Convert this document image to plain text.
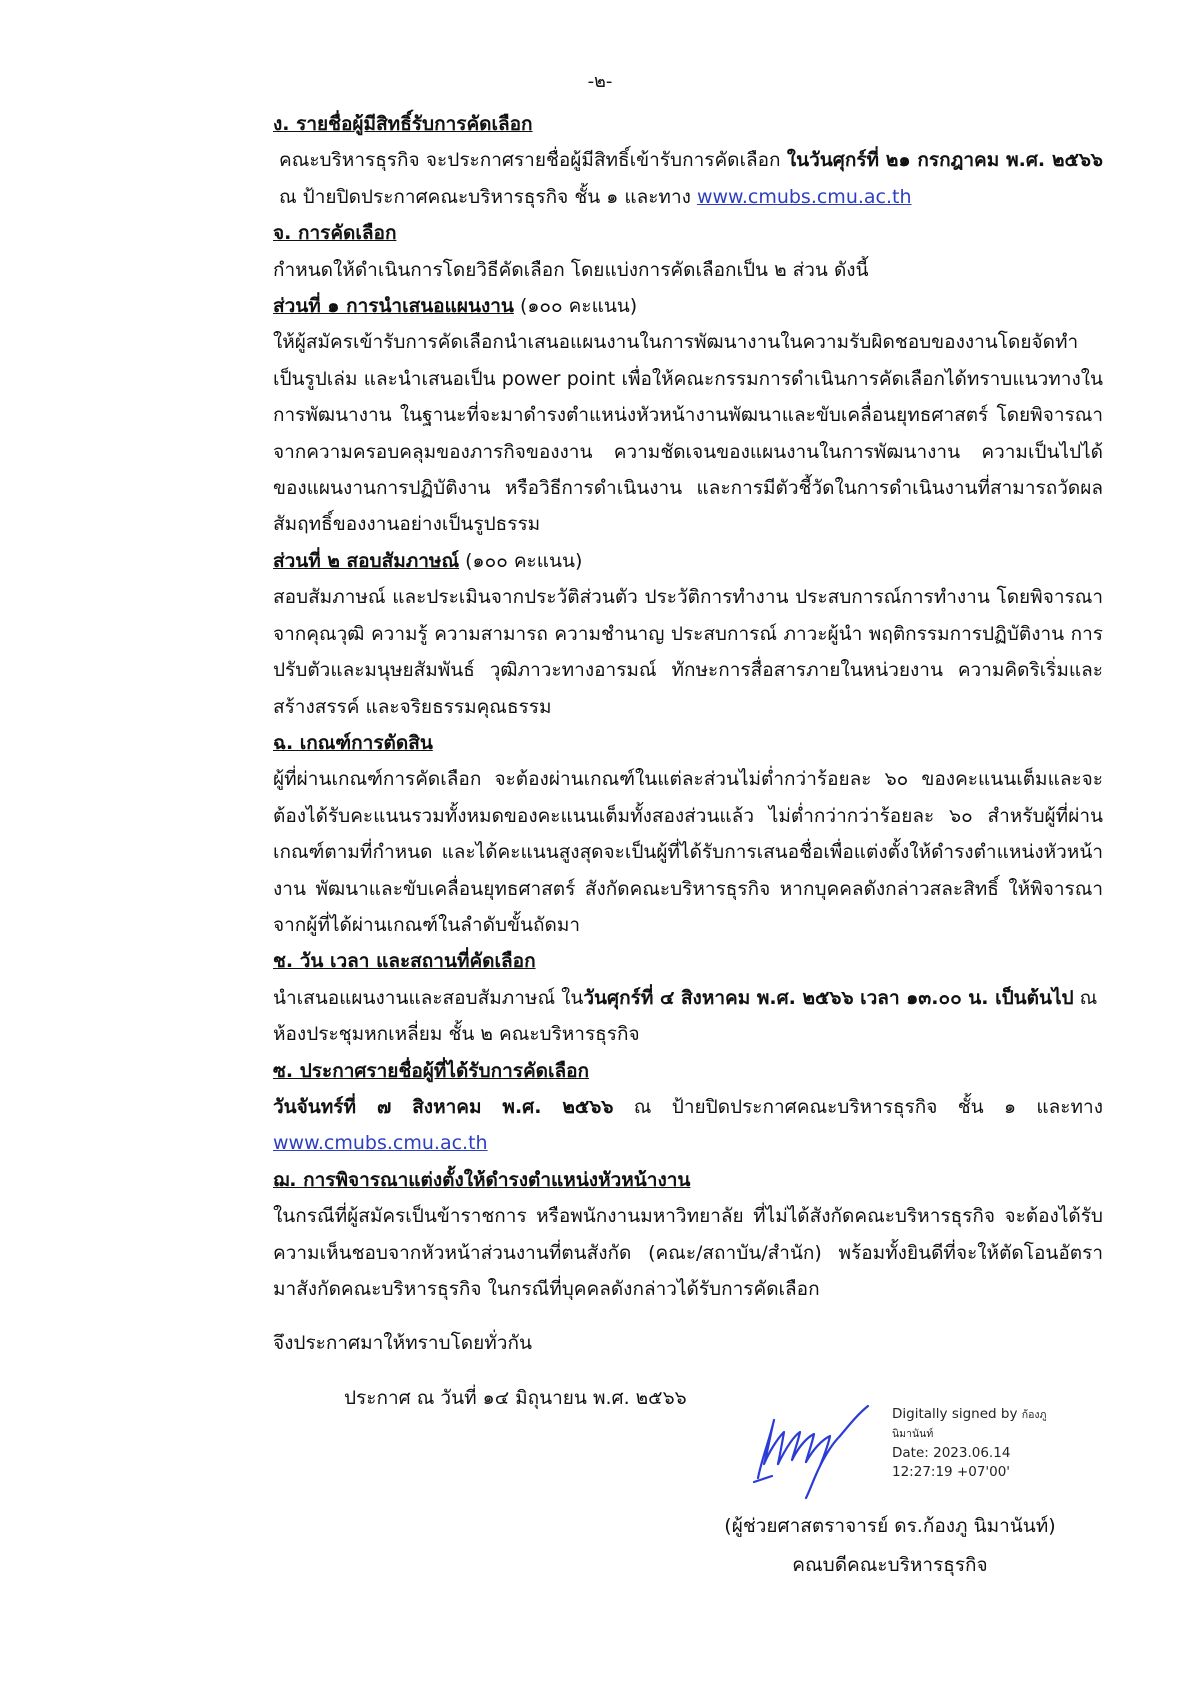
-๒-

ง. รายชื่อผู้มีสิทธิ์รับการคัดเลือก

คณะบริหารธุรกิจ จะประกาศรายชื่อผู้มีสิทธิ์เข้ารับการคัดเลือก ในวันศุกร์ที่ ๒๑ กรกฎาคม พ.ศ. ๒๕๖๖ ณ ป้ายปิดประกาศคณะบริหารธุรกิจ ชั้น ๑ และทาง www.cmubs.cmu.ac.th

จ. การคัดเลือก

กำหนดให้ดำเนินการโดยวิธีคัดเลือก โดยแบ่งการคัดเลือกเป็น ๒ ส่วน ดังนี้

ส่วนที่ ๑ การนำเสนอแผนงาน (๑๐๐ คะแนน)

ให้ผู้สมัครเข้ารับการคัดเลือกนำเสนอแผนงานในการพัฒนางานในความรับผิดชอบของงานโดยจัดทำเป็นรูปเล่ม และนำเสนอเป็น power point เพื่อให้คณะกรรมการดำเนินการคัดเลือกได้ทราบแนวทางในการพัฒนางาน ในฐานะที่จะมาดำรงตำแหน่งหัวหน้างานพัฒนาและขับเคลื่อนยุทธศาสตร์ โดยพิจารณาจากความครอบคลุมของภารกิจของงาน ความชัดเจนของแผนงานในการพัฒนางาน ความเป็นไปได้ของแผนงานการปฏิบัติงาน หรือวิธีการดำเนินงาน และการมีตัวชี้วัดในการดำเนินงานที่สามารถวัดผลสัมฤทธิ์ของงานอย่างเป็นรูปธรรม

ส่วนที่ ๒ สอบสัมภาษณ์ (๑๐๐ คะแนน)

สอบสัมภาษณ์ และประเมินจากประวัติส่วนตัว ประวัติการทำงาน ประสบการณ์การทำงาน โดยพิจารณาจากคุณวุฒิ ความรู้ ความสามารถ ความชำนาญ ประสบการณ์ ภาวะผู้นำ พฤติกรรมการปฏิบัติงาน การปรับตัวและมนุษยสัมพันธ์ วุฒิภาวะทางอารมณ์ ทักษะการสื่อสารภายในหน่วยงาน ความคิดริเริ่มและสร้างสรรค์ และจริยธรรมคุณธรรม

ฉ. เกณฑ์การตัดสิน

ผู้ที่ผ่านเกณฑ์การคัดเลือก จะต้องผ่านเกณฑ์ในแต่ละส่วนไม่ต่ำกว่าร้อยละ ๖๐ ของคะแนนเต็มและจะต้องได้รับคะแนนรวมทั้งหมดของคะแนนเต็มทั้งสองส่วนแล้ว ไม่ต่ำกว่ากว่าร้อยละ ๖๐ สำหรับผู้ที่ผ่านเกณฑ์ตามที่กำหนด และได้คะแนนสูงสุดจะเป็นผู้ที่ได้รับการเสนอชื่อเพื่อแต่งตั้งให้ดำรงตำแหน่งหัวหน้างาน พัฒนาและขับเคลื่อนยุทธศาสตร์ สังกัดคณะบริหารธุรกิจ หากบุคคลดังกล่าวสละสิทธิ์ ให้พิจารณาจากผู้ที่ได้ผ่านเกณฑ์ในลำดับขั้นถัดมา

ช. วัน เวลา และสถานที่คัดเลือก

นำเสนอแผนงานและสอบสัมภาษณ์ ในวันศุกร์ที่ ๔ สิงหาคม พ.ศ. ๒๕๖๖ เวลา ๑๓.๐๐ น. เป็นต้นไป ณ ห้องประชุมหกเหลี่ยม ชั้น ๒ คณะบริหารธุรกิจ

ซ. ประกาศรายชื่อผู้ที่ได้รับการคัดเลือก

วันจันทร์ที่ ๗ สิงหาคม พ.ศ. ๒๕๖๖ ณ ป้ายปิดประกาศคณะบริหารธุรกิจ ชั้น ๑ และทาง www.cmubs.cmu.ac.th

ฌ. การพิจารณาแต่งตั้งให้ดำรงตำแหน่งหัวหน้างาน

ในกรณีที่ผู้สมัครเป็นข้าราชการ หรือพนักงานมหาวิทยาลัย ที่ไม่ได้สังกัดคณะบริหารธุรกิจ จะต้องได้รับความเห็นชอบจากหัวหน้าส่วนงานที่ตนสังกัด (คณะ/สถาบัน/สำนัก) พร้อมทั้งยินดีที่จะให้ตัดโอนอัตรามาสังกัดคณะบริหารธุรกิจ ในกรณีที่บุคคลดังกล่าวได้รับการคัดเลือก

จึงประกาศมาให้ทราบโดยทั่วกัน

ประกาศ ณ วันที่ ๑๔ มิถุนายน พ.ศ. ๒๕๖๖

Digitally signed by ก้องภู
นิมานันท์
Date: 2023.06.14
12:27:19 +07'00'
(ผู้ช่วยศาสตราจารย์ ดร.ก้องภู นิมานันท์)
คณบดีคณะบริหารธุรกิจ
